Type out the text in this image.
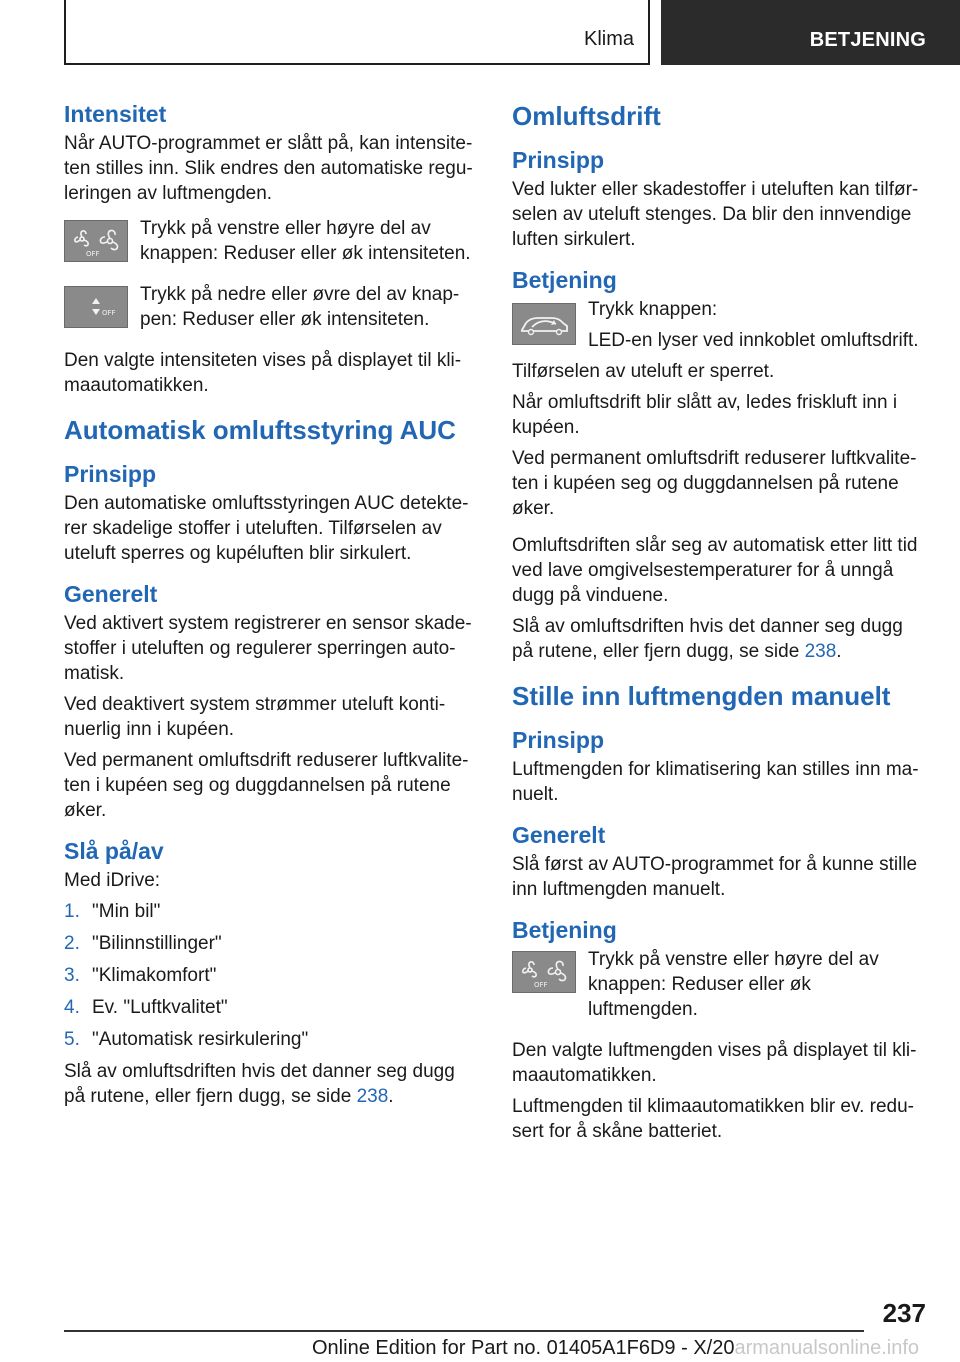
Klima	BETJENING
Intensitet

Når AUTO-programmet er slått på, kan intensite-ten stilles inn. Slik endres den automatiske regu-leringen av luftmengden.

OFF

Trykk på venstre eller høyre del av knappen: Reduser eller øk intensiteten.

OFF

Trykk på nedre eller øvre del av knap-pen: Reduser eller øk intensiteten.

Den valgte intensiteten vises på displayet til kli-maautomatikken.

Automatisk omluftsstyring AUC
Prinsipp

Den automatiske omluftsstyringen AUC detekte-rer skadelige stoffer i uteluften. Tilførselen av uteluft sperres og kupéluften blir sirkulert.

Generelt

Ved aktivert system registrerer en sensor skade-stoffer i uteluften og regulerer sperringen auto-matisk.

Ved deaktivert system strømmer uteluft konti-nuerlig inn i kupéen.

Ved permanent omluftsdrift reduserer luftkvalite-ten i kupéen seg og duggdannelsen på rutene øker.

Slå på/av

Med iDrive:

1. "Min bil"
2. "Bilinnstillinger"
3. "Klimakomfort"
4. Ev. "Luftkvalitet"
5. "Automatisk resirkulering"

Slå av omluftsdriften hvis det danner seg dugg på rutene, eller fjern dugg, se side 238.

Omluftsdrift
Prinsipp

Ved lukter eller skadestoffer i uteluften kan tilfør-selen av uteluft stenges. Da blir den innvendige luften sirkulert.

Betjening

Trykk knappen:

LED-en lyser ved innkoblet omluftsdrift.

Tilførselen av uteluft er sperret.

Når omluftsdrift blir slått av, ledes friskluft inn i kupéen.

Ved permanent omluftsdrift reduserer luftkvalite-ten i kupéen seg og duggdannelsen på rutene øker.

Omluftsdriften slår seg av automatisk etter litt tid ved lave omgivelsestemperaturer for å unngå dugg på vinduene.

Slå av omluftsdriften hvis det danner seg dugg på rutene, eller fjern dugg, se side 238.

Stille inn luftmengden manuelt
Prinsipp

Luftmengden for klimatisering kan stilles inn ma-nuelt.

Generelt

Slå først av AUTO-programmet for å kunne stille inn luftmengden manuelt.

Betjening
OFF

Trykk på venstre eller høyre del av knappen: Reduser eller øk luftmengden.

Den valgte luftmengden vises på displayet til kli-maautomatikken.

Luftmengden til klimaautomatikken blir ev. redu-sert for å skåne batteriet.

237
Online Edition for Part no. 01405A1F6D9 - X/20armanualsonline.info
